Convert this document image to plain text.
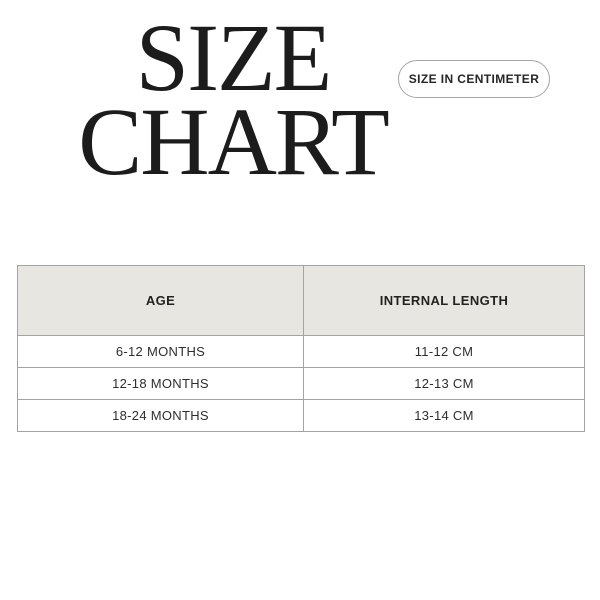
SIZE
CHART
SIZE IN CENTIMETER
AGE	INTERNAL LENGTH
6-12 MONTHS	11-12 CM
12-18 MONTHS	12-13 CM
18-24 MONTHS	13-14 CM
